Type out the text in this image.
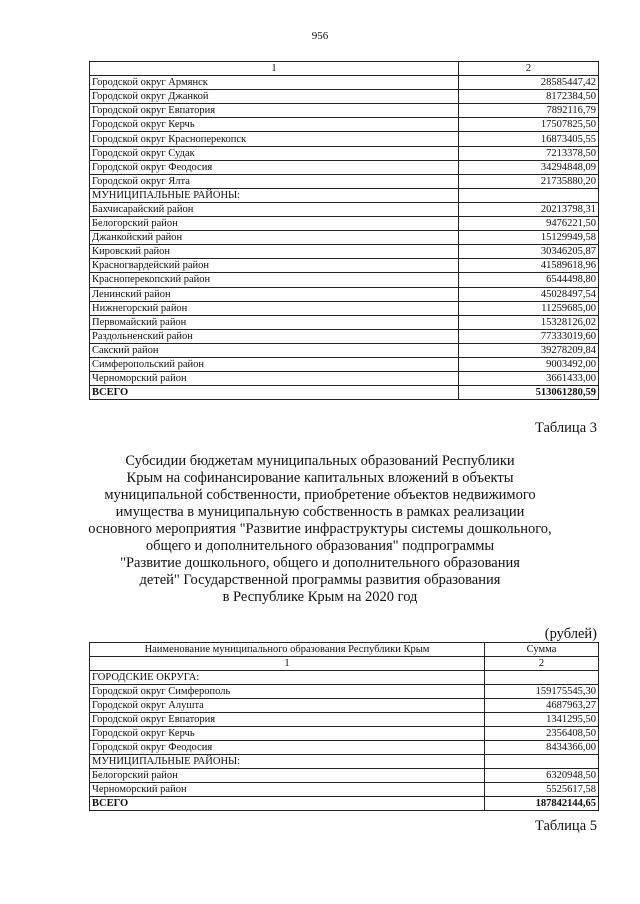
956
1	2
Городской округ Армянск	28585447,42
Городской округ Джанкой	8172384,50
Городской округ Евпатория	7892116,79
Городской округ Керчь	17507825,50
Городской округ Красноперекопск	16873405,55
Городской округ Судак	7213378,50
Городской округ Феодосия	34294848,09
Городской округ Ялта	21735880,20
МУНИЦИПАЛЬНЫЕ РАЙОНЫ:	
Бахчисарайский район	20213798,31
Белогорский район	9476221,50
Джанкойский район	15129949,58
Кировский район	30346205,87
Красногвардейский район	41589618,96
Красноперекопский район	6544498,80
Ленинский район	45028497,54
Нижнегорский район	11259685,00
Первомайский район	15328126,02
Раздольненский район	77333019,60
Сакский район	39278209,84
Симферопольский район	9003492,00
Черноморский район	3661433,00
ВСЕГО	513061280,59
Таблица 3
Субсидии бюджетам муниципальных образований Республики
Крым на софинансирование капитальных вложений в объекты
муниципальной собственности, приобретение объектов недвижимого
имущества в муниципальную собственность в рамках реализации
основного мероприятия "Развитие инфраструктуры системы дошкольного,
общего и дополнительного образования" подпрограммы
"Развитие дошкольного, общего и дополнительного образования
детей" Государственной программы развития образования
в Республике Крым на 2020 год
(рублей)
Наименование муниципального образования Республики Крым	Сумма
1	2
ГОРОДСКИЕ ОКРУГА:	
Городской округ Симферополь	159175545,30
Городской округ Алушта	4687963,27
Городской округ Евпатория	1341295,50
Городской округ Керчь	2356408,50
Городской округ Феодосия	8434366,00
МУНИЦИПАЛЬНЫЕ РАЙОНЫ:	
Белогорский район	6320948,50
Черноморский район	5525617,58
ВСЕГО	187842144,65
Таблица 5
